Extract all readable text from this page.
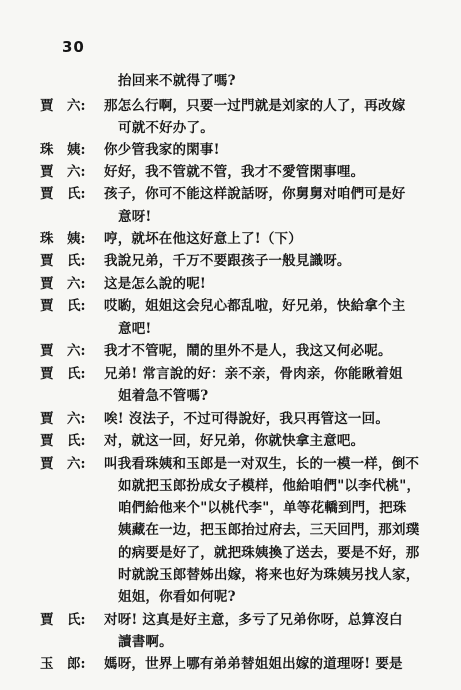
30
抬回来不就得了嗎?
賈　六:	那怎么行啊，只要一过門就是刘家的人了，再改嫁
可就不好办了。
珠　姨:	你少管我家的閑事!
賈　六:	好好，我不管就不管，我才不愛管閑事哩。
賈　氏:	孩子，你可不能这样說話呀，你舅舅对咱們可是好
意呀!
珠　姨:	哼，就坏在他这好意上了!（下）
賈　氏:	我說兄弟，千万不要跟孩子一般見識呀。
賈　六:	这是怎么說的呢!
賈　氏:	哎喲，姐姐这会兒心都乱啦，好兄弟，快給拿个主
意吧!
賈　六:	我才不管呢，鬧的里外不是人，我这又何必呢。
賈　氏:	兄弟! 常言說的好：亲不亲，骨肉亲，你能瞅着姐
姐着急不管嗎?
賈　六:	唉! 沒法子，不过可得說好，我只再管这一回。
賈　氏:	对，就这一回，好兄弟，你就快拿主意吧。
賈　六:	叫我看珠姨和玉郎是一对双生，长的一模一样，倒不
如就把玉郎扮成女子模样，他給咱們"以李代桃"，
咱們給他来个"以桃代李"，单等花轎到門，把珠
姨藏在一边，把玉郎抬过府去，三天回門，那刘璞
的病要是好了，就把珠姨換了送去，要是不好，那
时就說玉郎替姊出嫁，将来也好为珠姨另找人家，
姐姐，你看如何呢?
賈　氏:	对呀! 这真是好主意，多亏了兄弟你呀，总算沒白
讀書啊。
玉　郎:	媽呀，世界上哪有弟弟替姐姐出嫁的道理呀! 要是
